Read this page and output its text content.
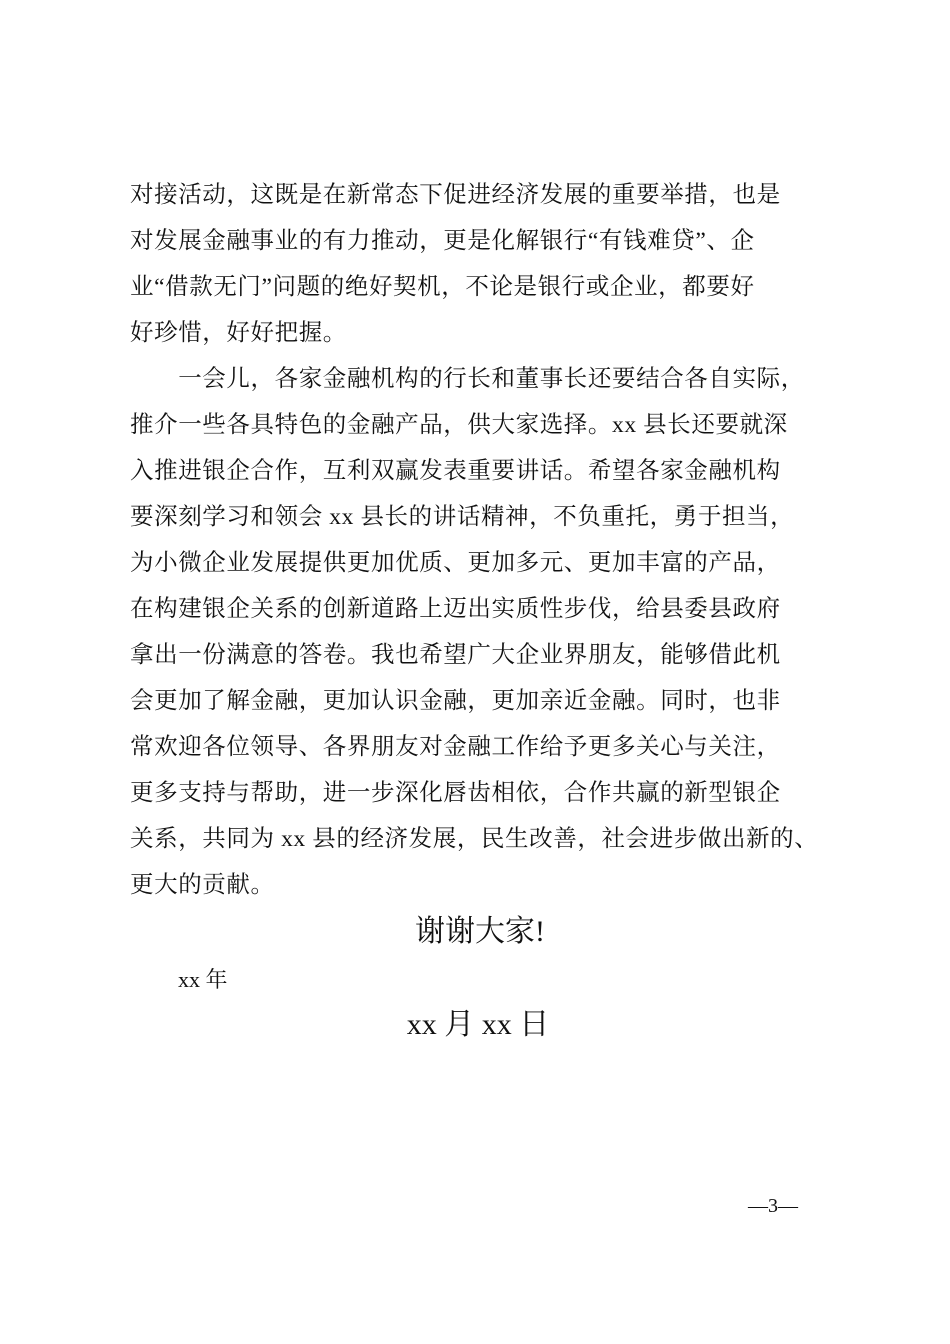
对接活动，这既是在新常态下促进经济发展的重要举措，也是
对发展金融事业的有力推动，更是化解银行“有钱难贷”、企
业“借款无门”问题的绝好契机，不论是银行或企业，都要好
好珍惜，好好把握。
　　一会儿，各家金融机构的行长和董事长还要结合各自实际，
推介一些各具特色的金融产品，供大家选择。xx 县长还要就深
入推进银企合作，互利双赢发表重要讲话。希望各家金融机构
要深刻学习和领会 xx 县长的讲话精神，不负重托，勇于担当，
为小微企业发展提供更加优质、更加多元、更加丰富的产品，
在构建银企关系的创新道路上迈出实质性步伐，给县委县政府
拿出一份满意的答卷。我也希望广大企业界朋友，能够借此机
会更加了解金融，更加认识金融，更加亲近金融。同时，也非
常欢迎各位领导、各界朋友对金融工作给予更多关心与关注，
更多支持与帮助，进一步深化唇齿相依，合作共赢的新型银企
关系，共同为 xx 县的经济发展，民生改善，社会进步做出新的、
更大的贡献。
谢谢大家!
xx 年
xx 月 xx 日
—3—
